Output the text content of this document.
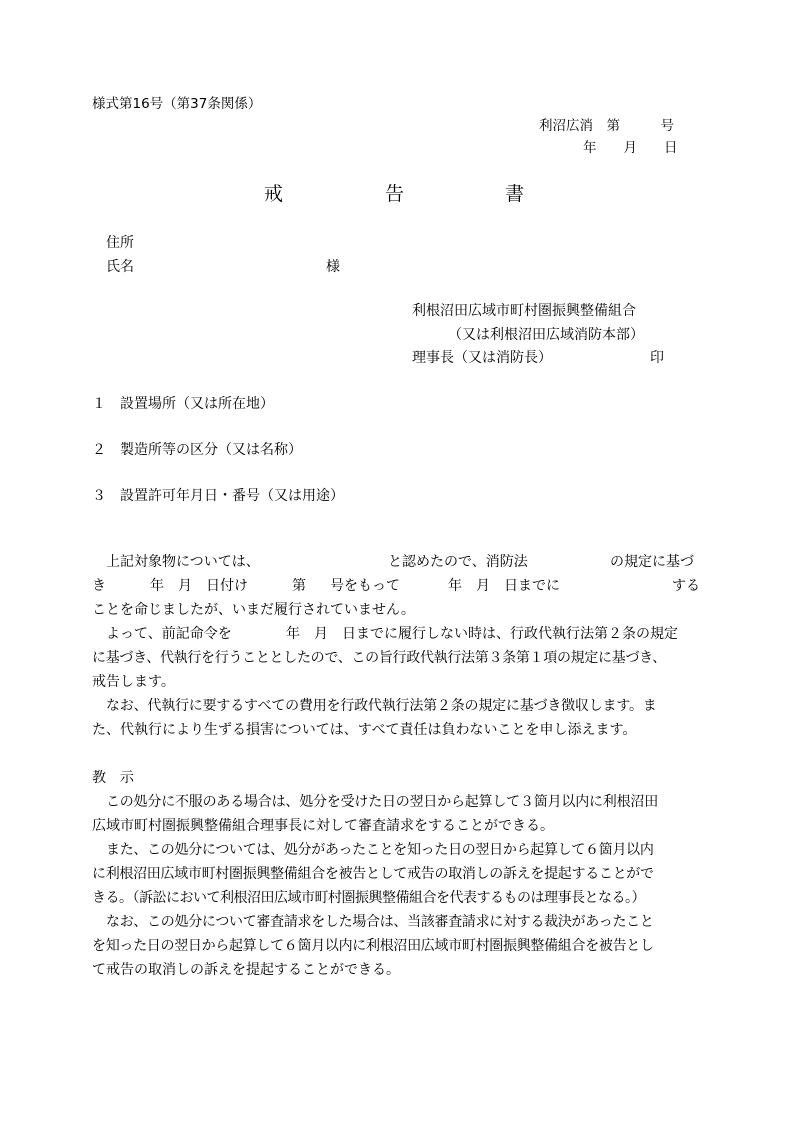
様式第16号（第37条関係）
利沼広消　第　　　号
年　　月　　日
戒	告	書
住所
氏名	様
利根沼田広域市町村圏振興整備組合
（又は利根沼田広域消防本部）
理事長（又は消防長）	印
１　設置場所（又は所在地）
２　製造所等の区分（又は名称）
３　設置許可年月日・番号（又は用途）
上記対象物については、	と認めたので、消防法	の規定に基づ
き	年　月　日付け	第 号をもって	年　月　日までに	する
ことを命じましたが、いまだ履行されていません。
よって、前記命令を	年　月　日までに履行しない時は、行政代執行法第２条の規定
に基づき、代執行を行うこととしたので、この旨行政代執行法第３条第１項の規定に基づき、
戒告します。
なお、代執行に要するすべての費用を行政代執行法第２条の規定に基づき徴収します。ま
た、代執行により生ずる損害については、すべて責任は負わないことを申し添えます。
教　示
この処分に不服のある場合は、処分を受けた日の翌日から起算して３箇月以内に利根沼田
広域市町村圏振興整備組合理事長に対して審査請求をすることができる。
また、この処分については、処分があったことを知った日の翌日から起算して６箇月以内
に利根沼田広域市町村圏振興整備組合を被告として戒告の取消しの訴えを提起することがで
きる。（訴訟において利根沼田広域市町村圏振興整備組合を代表するものは理事長となる。）
なお、この処分について審査請求をした場合は、当該審査請求に対する裁決があったこと
を知った日の翌日から起算して６箇月以内に利根沼田広域市町村圏振興整備組合を被告とし
て戒告の取消しの訴えを提起することができる。
